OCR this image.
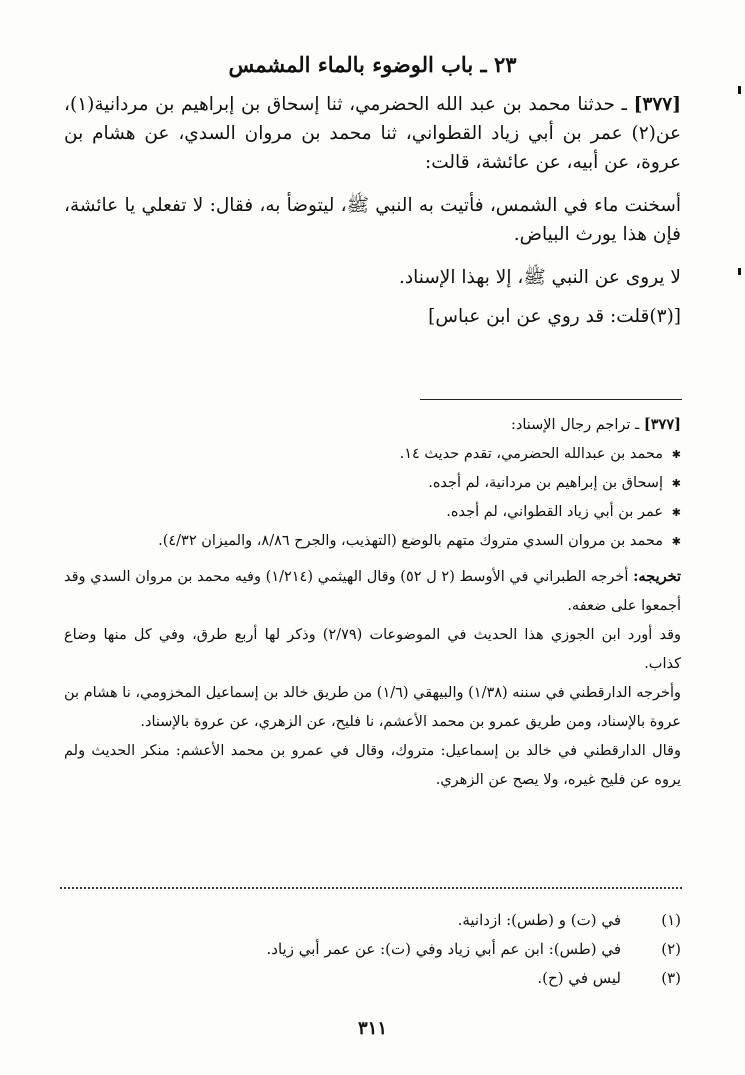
٢٣ ـ باب الوضوء بالماء المشمس

[٣٧٧] ـ حدثنا محمد بن عبد الله الحضرمي، ثنا إسحاق بن إبراهيم بن مردانية(١)، عن(٢) عمر بن أبي زياد القطواني، ثنا محمد بن مروان السدي، عن هشام بن عروة، عن أبيه، عن عائشة، قالت:

أسخنت ماء في الشمس، فأتيت به النبي ﷺ، ليتوضأ به، فقال: لا تفعلي يا عائشة، فإن هذا يورث البياض.

لا يروى عن النبي ﷺ، إلا بهذا الإسناد.

[(٣)قلت: قد روي عن ابن عباس]

[٣٧٧] ـ تراجم رجال الإسناد:

✱ محمد بن عبدالله الحضرمي، تقدم حديث ١٤.
✱ إسحاق بن إبراهيم بن مردانية، لم أجده.
✱ عمر بن أبي زياد القطواني، لم أجده.
✱ محمد بن مروان السدي متروك متهم بالوضع (التهذيب، والجرح ٨/٨٦، والميزان ٤/٣٢).

تخريجه: أخرجه الطبراني في الأوسط (٢ ل ٥٢) وقال الهيثمي (١/٢١٤) وفيه محمد بن مروان السدي وقد أجمعوا على ضعفه.

وقد أورد ابن الجوزي هذا الحديث في الموضوعات (٢/٧٩) وذكر لها أربع طرق، وفي كل منها وضاع كذاب.

وأخرجه الدارقطني في سننه (١/٣٨) والبيهقي (١/٦) من طريق خالد بن إسماعيل المخزومي، نا هشام بن عروة بالإسناد، ومن طريق عمرو بن محمد الأعشم، نا فليح، عن الزهري، عن عروة بالإسناد.

وقال الدارقطني في خالد بن إسماعيل: متروك، وقال في عمرو بن محمد الأعشم: منكر الحديث ولم يروه عن فليح غيره، ولا يصح عن الزهري.

(١)
في (ت) و (طس): ازدانية.
(٢)
في (طس): ابن عم أبي زياد وفي (ت): عن عمر أبي زياد.
(٣)
ليس في (ح).
٣١١
